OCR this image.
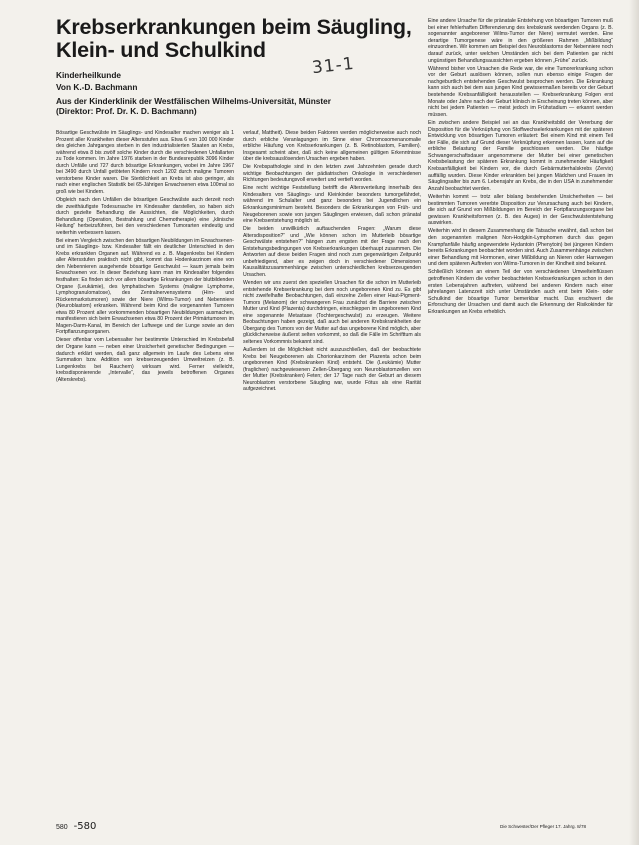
Krebserkrankungen beim Säugling,
Klein- und Schulkind
31-1
Kinderheilkunde
Von K.-D. Bachmann
Aus der Kinderklinik der Westfälischen Wilhelms-Universität, Münster
(Direktor: Prof. Dr. K. D. Bachmann)

Bösartige Geschwülste im Säuglings- und Kindesalter machen weniger als 1 Prozent aller Krankheiten dieser Altersstufen aus. Etwa 6 von 100 000 Kinder des gleichen Jahrganges sterben in den industrialisierten Staaten an Krebs, während etwa 8 bis zwölf solche Kinder durch die verschiedenen Unfallarten zu Tode kommen. Im Jahre 1976 starben in der Bundesrepublik 3096 Kinder durch Unfälle und 727 durch bösartige Erkrankungen, wobei im Jahre 1967 bei 3490 durch Unfall getöteten Kindern noch 1202 durch maligne Tumoren verstorbene Kinder waren. Die Sterblichkeit an Krebs ist also geringer, als nach einer englischen Statistik bei 65-Jährigen Erwachsenen etwa 100mal so groß wie bei Kindern.

Obgleich nach den Unfällen die bösartigen Geschwülste auch derzeit noch die zweithäufigste Todesursache im Kindesalter darstellen, so haben sich durch gezielte Behandlung die Aussichten, die Möglichkeiten, durch Behandlung (Operation, Bestrahlung und Chemotherapie) eine „klinische Heilung“ herbeizuführen, bei den verschiedenen Tumorarten eindeutig und weiterhin verbessern lassen.

Bei einem Vergleich zwischen den bösartigen Neubildungen im Erwachsenen- und im Säuglings- bzw. Kindesalter fällt ein deutlicher Unterschied in den Krebs erkrankten Organen auf. Während es z. B. Magenkrebs bei Kindern aller Altersstufen praktisch nicht gibt, kommt das Hodenkarzinom eine von den Nebennieren ausgehende bösartige Geschwulst — kaum jemals beim Erwachsenen vor. In dieser Beziehung kann man im Kindesalter folgendes festhalten: Es finden sich vor allem bösartige Erkrankungen der blutbildenden Organe (Leukämie), des lymphatischen Systems (maligne Lymphome, Lymphogranulomatose), des Zentralnervensystems (Hirn- und Rückenmarkstumoren) sowie der Niere (Wilms-Tumor) und Nebenniere (Neuroblastom) erkranken. Während beim Kind die vorgenannten Tumoren etwa 80 Prozent aller vorkommenden bösartigen Neubildungen ausmachen, manifestieren sich beim Erwachsenen etwa 80 Prozent der Primärtumoren im Magen-Darm-Kanal, im Bereich der Luftwege und der Lunge sowie an den Fortpflanzungsorganen.

Dieser offenbar vom Lebensalter her bestimmte Unterschied im Krebsbefall der Organe kann — neben einer Unsicherheit genetischer Bedingungen — dadurch erklärt werden, daß ganz allgemein im Laufe des Lebens eine Summation bzw. Addition von krebserzeugenden Umweltreizen (z. B. Lungenkrebs bei Rauchern) wirksam wird. Ferner vielleicht, krebsdisponierende „Intervalle“, das jeweils betroffenen Organes (Alterskrebs).

verlauf, Mattheit). Diese beiden Faktoren werden möglicherweise auch noch durch erbliche Veranlagungen im Sinne einer Chromosomenanomalie erbliche Häufung von Krebserkrankungen (z. B. Retinoblastom, Familien). Insgesamt scheint aber, daß sich keine allgemeinen gültigen Erkenntnisse über die krebsauslösenden Ursachen ergeben haben.

Die Krebspathologie sind in den letzten zwei Jahrzehnten gerade durch wichtige Beobachtungen der pädiatrischen Onkologie in verschiedenen Richtungen bedeutungsvoll erweitert und vertieft worden.

Eine recht wichtige Feststellung betrifft die Altersverteilung innerhalb des Kindesalters von Säuglings- und Kleinkinder besonders tumorgefährdet, während im Schulalter und ganz besonders bei Jugendlichen ein Erkrankungsminimum besteht. Besonders die Erkrankungen von Früh- und Neugeborenen sowie von jungen Säuglingen erwiesen, daß schon pränatal eine Krebsentstehung möglich ist.

Die beiden unwillkürlich auftauchenden Fragen: „Warum diese Altersdisposition?“ und „Wie können schon im Mutterleib bösartige Geschwülste entstehen?“ hängen zum engsten mit der Frage nach den Entstehungsbedingungen von Krebserkrankungen überhaupt zusammen. Die Antworten auf diese beiden Fragen sind noch zum gegenwärtigen Zeitpunkt unbefriedigend, aber es zeigen doch in verschiedener Dimensionen Kausalitätszusammenhänge zwischen unterschiedlichen krebserzeugenden Ursachen.

Wenden wir uns zuerst den speziellen Ursachen für die schon im Mutterleib entstehende Krebserkrankung bei dem noch ungeborenen Kind zu. Es gibt nicht zweifelhafte Beobachtungen, daß einzelne Zellen einer Haut-Pigment-Tumors (Melanom) der schwangeren Frau zunächst die Barriere zwischen Mutter und Kind (Plazenta) durchdringen, einschleppen im ungeborenen Kind eine sogenannte Metastase (Tochtergeschwulst) zu erzeugen. Weitere Beobachtungen haben gezeigt, daß auch bei anderen Krebskrankheiten der Übergang des Tumors von der Mutter auf das ungeborene Kind möglich, aber glücklicherweise äußerst selten vorkommt, so daß die Fälle im Schrifttum als seltenes Vorkommnis bekannt sind.

Außerdem ist die Möglichkeit nicht auszuschließen, daß der beobachtete Krebs bei Neugeborenen als Chorionkarzinom der Plazenta schon beim ungeborenen Kind (Krebskranken Kind) entsteht. Die (Leukämie) Mutter (fraglichen) nachgewiesenen Zellen-Übergang von Neuroblastomzellen von der Mutter (Krebskranken) Feten; der 17 Tage nach der Geburt an diesem Neuroblastom verstorbene Säugling war, wurde Fötus als eine Rarität aufgezeichnet.

Eine andere Ursache für die pränatale Entstehung von bösartigen Tumoren muß bei einer fehlerhaften Differenzierung des krebskrank werdenden Organs (z. B. sogenannter angeborener Wilms-Tumor der Niere) vermutet werden. Eine derartige Tumorgenese wäre in den größeren Rahmen „Mißbildung“ einzuordnen. Wir kommen am Beispiel des Neuroblastoms der Nebenniere noch darauf zurück, unter welchen Umständen sich bei dem Patienten gar nicht ungünstigen Behandlungsaussichten ergeben können „Frühe“ zurück.

Während bisher von Ursachen die Rede war, die eine Tumorerkrankung schon vor der Geburt auslösen können, sollen nun ebenso einige Fragen der nachgeburtlich entstehenden Geschwulst besprochen werden. Die Erkrankung kann sich auch bei dem aus jungen Kind gewissermaßen bereits vor der Geburt bestehende Krebsanfälligkeit herausstellen — Krebserkrankung Folgen erst Monate oder Jahre nach der Geburt klinisch in Erscheinung treten können, aber nicht bei jedem Patienten — meist jedoch im Frühstadium — erkannt werden müssen.

Ein zwischen andere Beispiel sei an das Krankheitsbild der Vererbung der Disposition für die Verknüpfung von Stoffwechselerkrankungen mit der späteren Entwicklung von bösartigen Tumoren erläutert: Bei einem Kind mit einem Teil der Fälle, die sich auf Grund dieser Verknüpfung erkennen lassen, kann auf die erbliche Belastung der Familie geschlossen werden. Die häufige Schwangerschaftsdauer angenommene der Mutter bei einer genetischen Krebsbelastung der späteren Erkrankung kommt in zunehmender Häufigkeit Krebsanfälligkeit bei Kindern vor, die durch Gebärmutterhalskrebs (Zervix) auffällig wurden. Diese Kinder erkrankten bei jungen Mädchen und Frauen im Säuglingsalter bis zum 6. Lebensjahr an Krebs, die in den USA in zunehmender Anzahl beobachtet werden.

Weiterhin kommt — trotz aller bislang bestehenden Unsicherheiten — bei bestimmten Tumoren vererbte Disposition zur Verursachung auch bei Kindern, die sich auf Grund von Mißbildungen im Bereich der Fortpflanzungsorgane bei gewissen Krankheitsformen (z. B. des Auges) in der Geschwulstentstehung auswirken.

Weiterhin wird in diesem Zusammenhang die Tatsache erwähnt, daß schon bei den sogenannten malignen Non-Hodgkin-Lymphomen durch das gegen Krampfanfälle häufig angewendete Hydantoin (Phenytoin) bei jüngeren Kindern bereits Erkrankungen beobachtet worden sind. Auch Zusammenhänge zwischen einer Behandlung mit Hormonen, einer Mißbildung an Nieren oder Harnwegen und dem späteren Auftreten von Wilms-Tumoren in der Kindheit sind bekannt.

Schließlich können an einem Teil der von verschiedenen Umwelteinflüssen getroffenen Kindern die vorher beobachteten Krebserkrankungen schon in den ersten Lebensjahren auftreten, während bei anderen Kindern nach einer jahrelangen Latenzzeit sich unter Umständen auch erst beim Klein- oder Schulkind der bösartige Tumor bemerkbar macht. Das erschwert die Erforschung der Ursachen und damit auch die Erkennung der Risikokinder für Erkrankungen an Krebs erheblich.

580 -580	Die Schwester/Der Pfleger 17. Jahrg. 8/78
